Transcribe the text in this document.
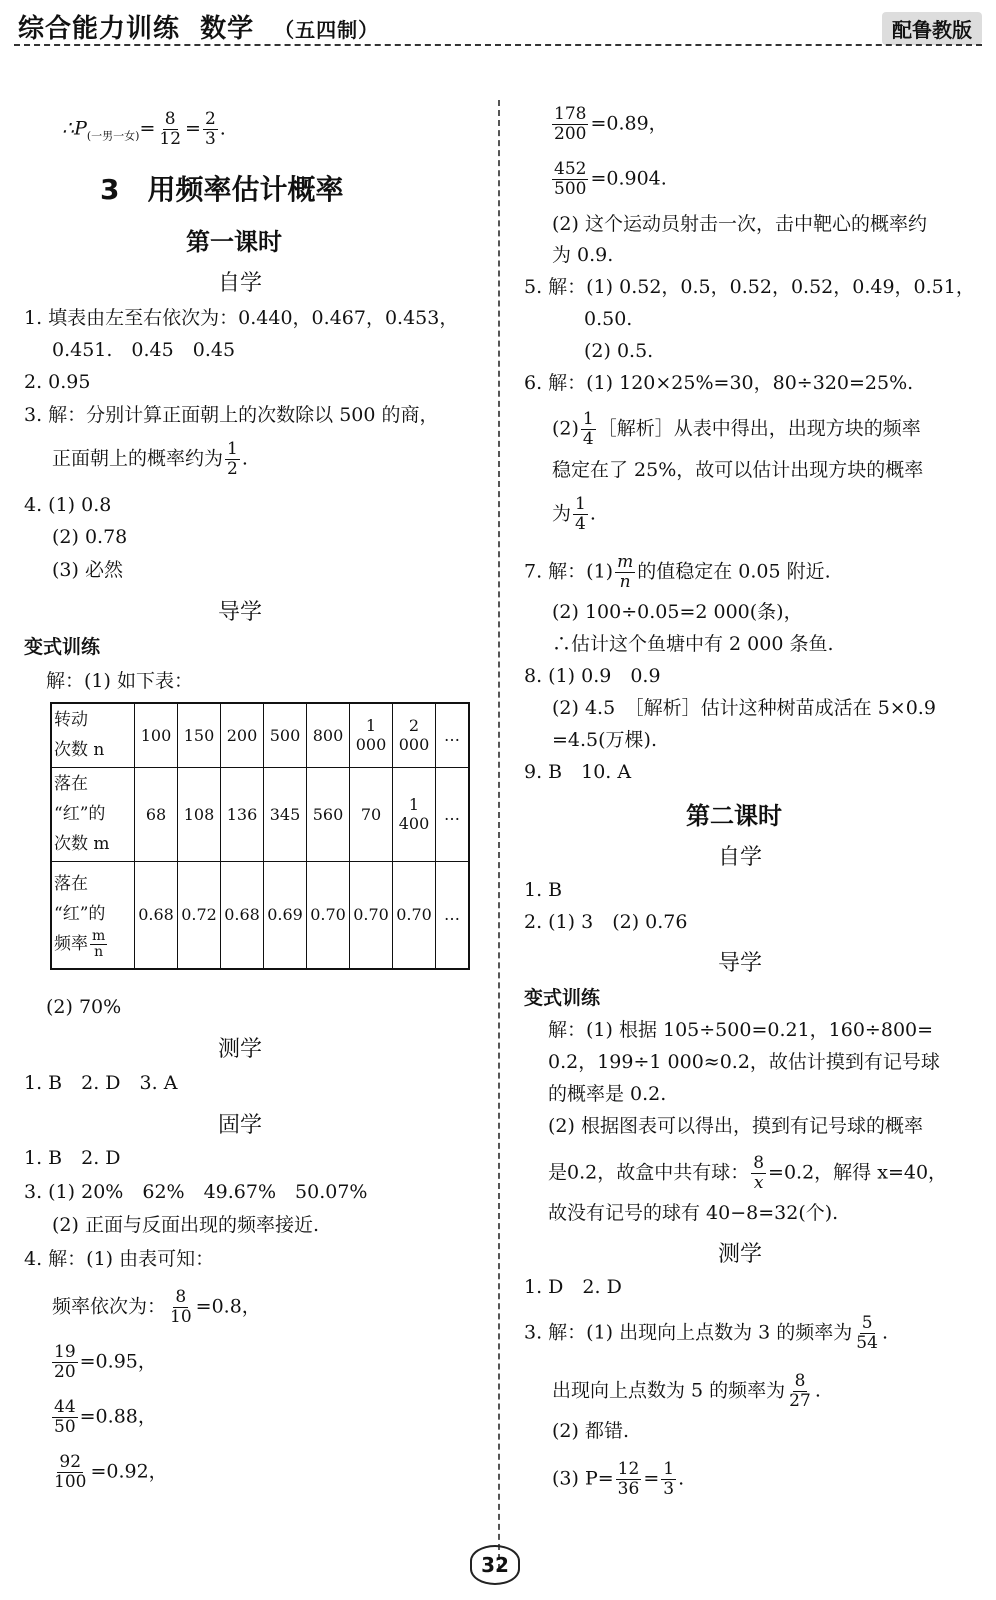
综合能力训练 数学 （五四制）	配鲁教版
$\therefore P_{(一男一女)}= \frac{8}{12} = \frac{2}{3}$ .
3　用频率估计概率
第一课时
自学
1. 填表由左至右依次为：0.440，0.467，0.453，
0.451.　0.45　0.45
2. 0.95
3. 解：分别计算正面朝上的次数除以 500 的商，
正面朝上的概率约为 $\frac{1}{2}$ .
4. (1) 0.8
(2) 0.78
(3) 必然
导学
变式训练
解：(1) 如下表：
转动
次数 n	100	150	200	500	800	1 000	2 000	…
落在
“红”的
次数 m	68	108	136	345	560	70	1 400	…
落在
“红”的
频率 $\frac{m}{n}$	0.68	0.72	0.68	0.69	0.70	0.70	0.70	…
(2) 70%
测学
1. B　2. D　3. A
固学
1. B　2. D
3. (1) 20%　62%　49.67%　50.07%
(2) 正面与反面出现的频率接近.
4. 解：(1) 由表可知：
频率依次为： $\frac{8}{10} =0.8$，
$\frac{19}{20} =0.95$，
$\frac{44}{50} =0.88$，
$\frac{92}{100} =0.92$，
$\frac{178}{200} =0.89$，
$\frac{452}{500} =0.904$.
(2) 这个运动员射击一次，击中靶心的概率约
为 0.9.
5. 解：(1) 0.52，0.5，0.52，0.52，0.49，0.51，
0.50.
(2) 0.5.
6. 解：(1) 120×25%=30，80÷320=25%.
$(2) \frac{1}{4}$ ［解析］从表中得出，出现方块的频率
稳定在了 25%，故可以估计出现方块的概率
为 $\frac{1}{4}$ .
7. 解：$(1) \frac{m}{n}$ 的值稳定在 0.05 附近.
(2) 100÷0.05=2 000(条)，
∴估计这个鱼塘中有 2 000 条鱼.
8. (1) 0.9　0.9
(2) 4.5　［解析］估计这种树苗成活在 5×0.9
=4.5(万棵).
9. B　10. A
第二课时
自学
1. B
2. (1) 3　(2) 0.76
导学
变式训练
解：(1) 根据 105÷500=0.21，160÷800=
0.2，199÷1 000≈0.2，故估计摸到有记号球
的概率是 0.2.
(2) 根据图表可以得出，摸到有记号球的概率
是0.2，故盒中共有球： $\frac{8}{x} =0.2$，解得 x=40，
故没有记号的球有 40−8=32(个).
测学
1. D　2. D
3. 解：(1) 出现向上点数为 3 的频率为 $\frac{5}{54}$ .
出现向上点数为 5 的频率为 $\frac{8}{27}$ .
(2) 都错.
(3) $P= \frac{12}{36} = \frac{1}{3}$ .
32
